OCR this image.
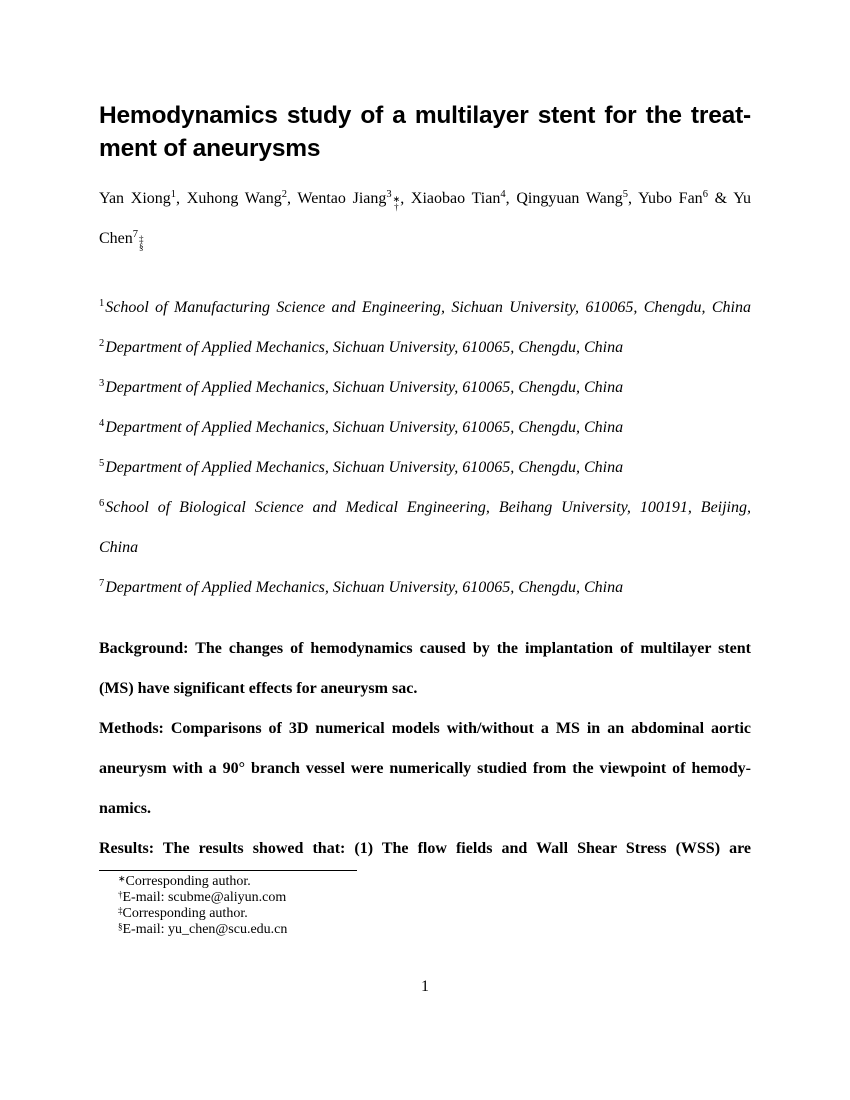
Hemodynamics study of a multilayer stent for the treat-
ment of aneurysms
Yan Xiong$^1$, Xuhong Wang$^2$, Wentao Jiang$^3$ ∗
† , Xiaobao Tian$^4$, Qingyuan Wang$^5$, Yubo Fan$^6$ & Yu
Chen$^7$ ‡
§
$^1$School of Manufacturing Science and Engineering, Sichuan University, 610065, Chengdu, China
$^2$Department of Applied Mechanics, Sichuan University, 610065, Chengdu, China
$^3$Department of Applied Mechanics, Sichuan University, 610065, Chengdu, China
$^4$Department of Applied Mechanics, Sichuan University, 610065, Chengdu, China
$^5$Department of Applied Mechanics, Sichuan University, 610065, Chengdu, China
$^6$School of Biological Science and Medical Engineering, Beihang University, 100191, Beijing,
China
$^7$Department of Applied Mechanics, Sichuan University, 610065, Chengdu, China
Background: The changes of hemodynamics caused by the implantation of multilayer stent
(MS) have significant effects for aneurysm sac.
Methods: Comparisons of 3D numerical models with/without a MS in an abdominal aortic
aneurysm with a 90° branch vessel were numerically studied from the viewpoint of hemody-
namics.
Results: The results showed that: (1) The flow fields and Wall Shear Stress (WSS) are
∗Corresponding author.
†E-mail: scubme@aliyun.com
‡Corresponding author.
§E-mail: yu_chen@scu.edu.cn
1
